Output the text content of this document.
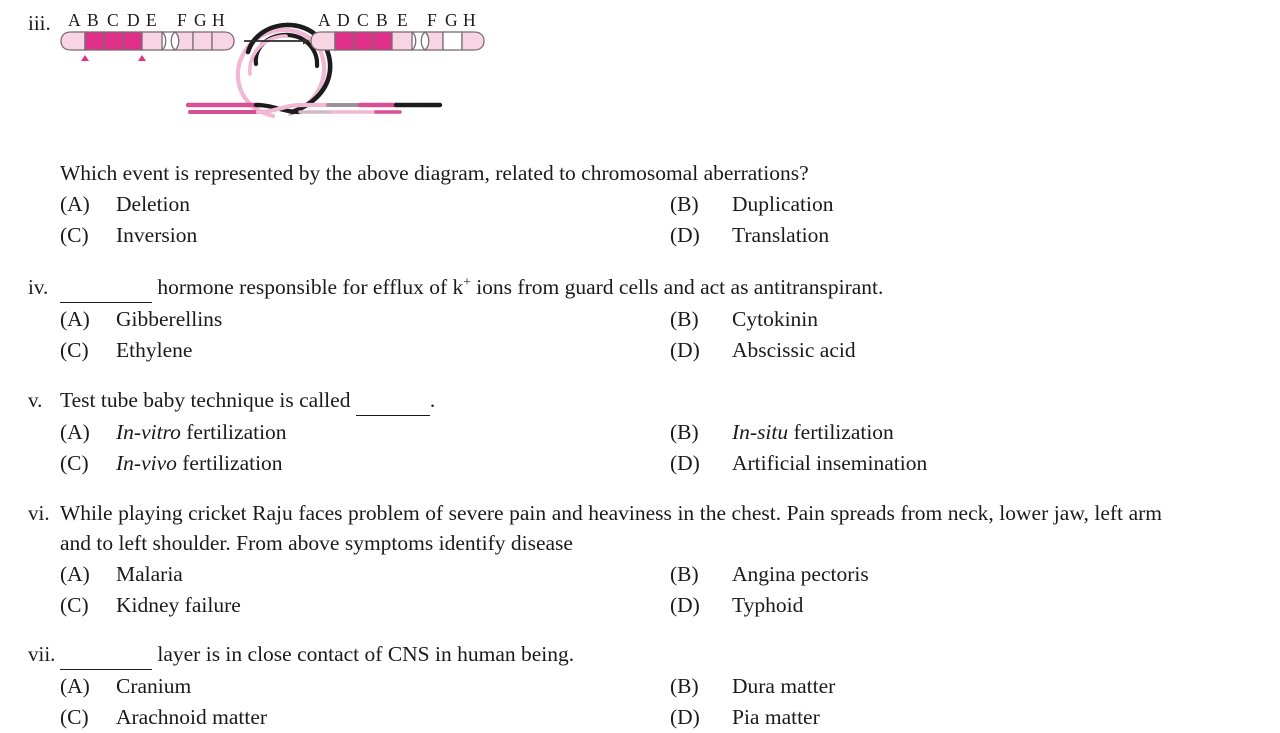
iii. A B C D E F G H	A D C B E F G H
Which event is represented by the above diagram, related to chromosomal aberrations?
(A)	Deletion	(B)	Duplication
(C)	Inversion	(D)	Translation
iv.	hormone responsible for efflux of k+ ions from guard cells and act as antitranspirant.
(A)	Gibberellins	(B)	Cytokinin
(C)	Ethylene	(D)	Abscissic acid
v. Test tube baby technique is called	.
(A)	In-vitro fertilization	(B)	In-situ fertilization
(C)	In-vivo fertilization	(D)	Artificial insemination
vi. While playing cricket Raju faces problem of severe pain and heaviness in the chest. Pain spreads from neck, lower jaw, left arm and to left shoulder. From above symptoms identify disease
(A)	Malaria	(B)	Angina pectoris
(C)	Kidney failure	(D)	Typhoid
vii.	layer is in close contact of CNS in human being.
(A)	Cranium	(B)	Dura matter
(C)	Arachnoid matter	(D)	Pia matter
